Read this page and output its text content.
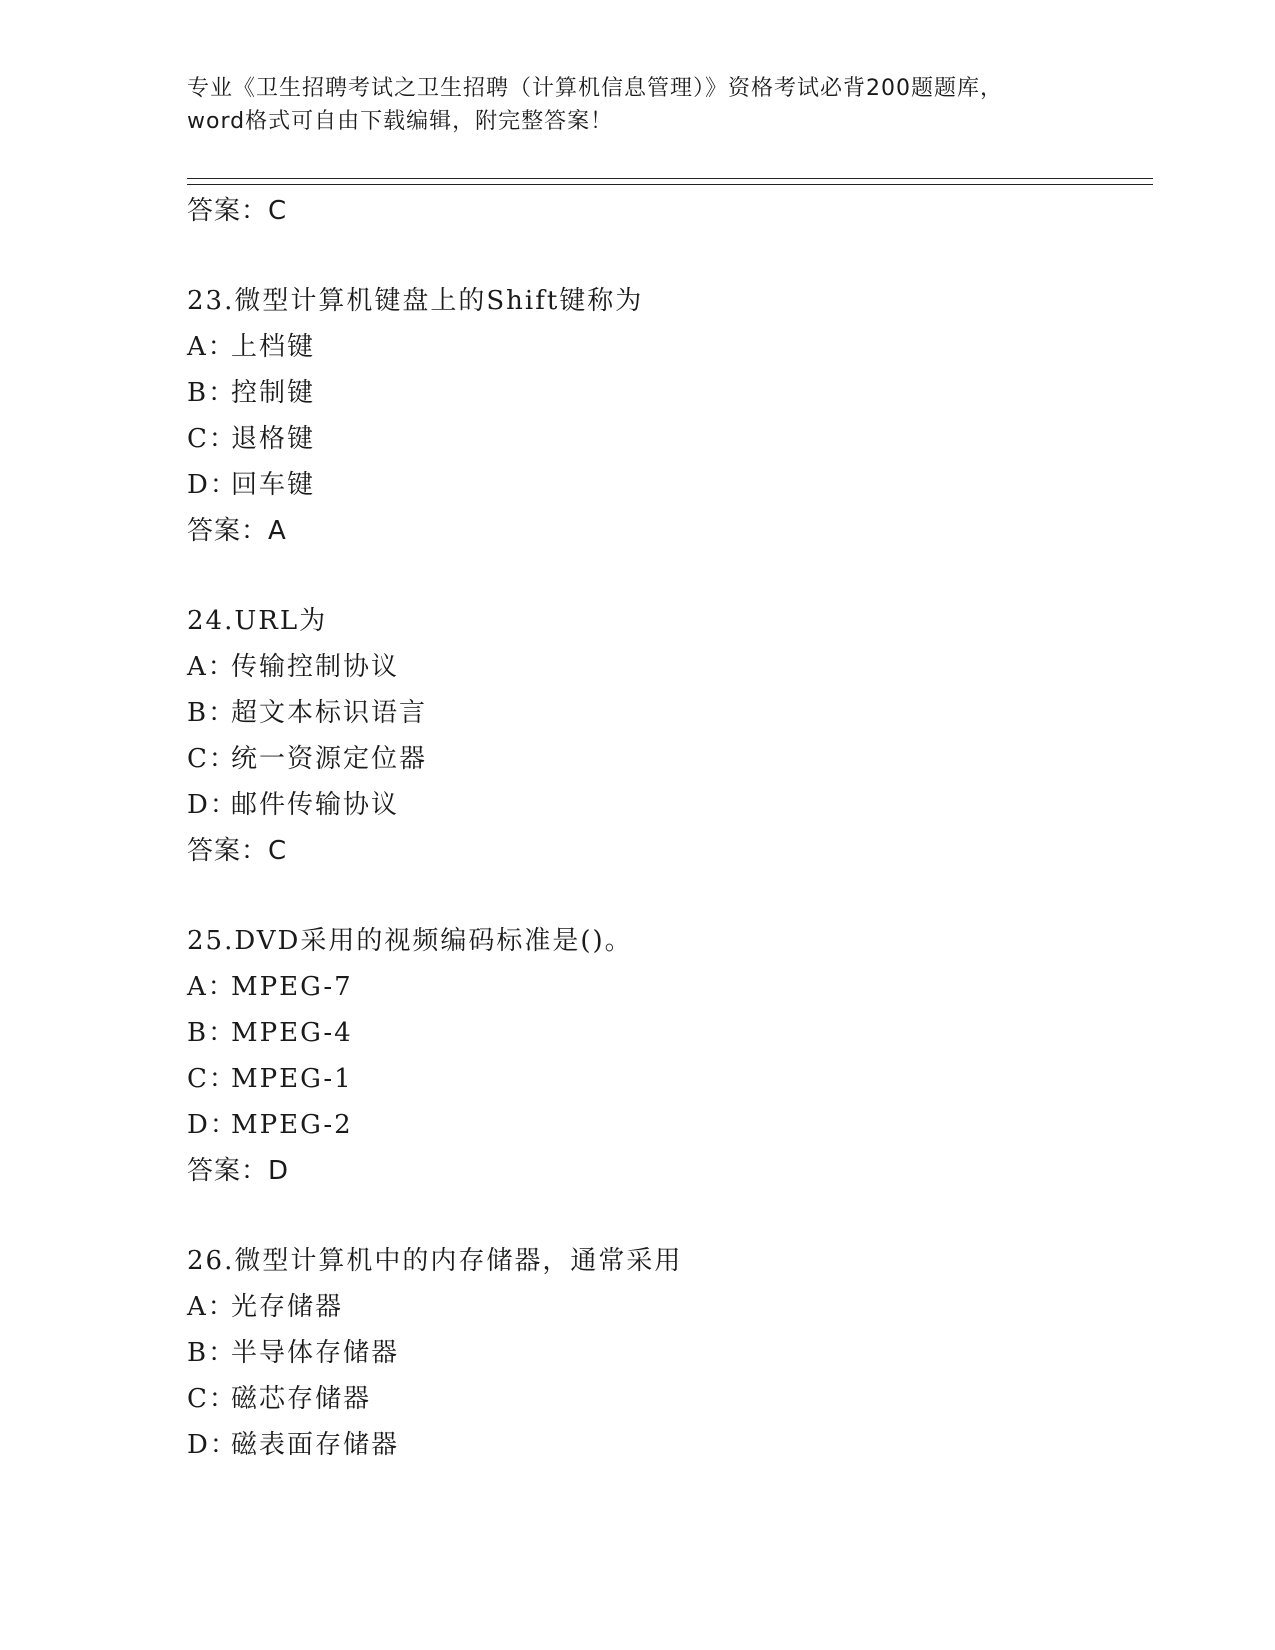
专业《卫生招聘考试之卫生招聘（计算机信息管理）》资格考试必背200题题库，
word格式可自由下载编辑，附完整答案！
答案：C
23.微型计算机键盘上的Shift键称为
A：上档键
B：控制键
C：退格键
D：回车键
答案：A
24.URL为
A：传输控制协议
B：超文本标识语言
C：统一资源定位器
D：邮件传输协议
答案：C
25.DVD采用的视频编码标准是()。
A：MPEG-7
B：MPEG-4
C：MPEG-1
D：MPEG-2
答案：D
26.微型计算机中的内存储器，通常采用
A：光存储器
B：半导体存储器
C：磁芯存储器
D：磁表面存储器
